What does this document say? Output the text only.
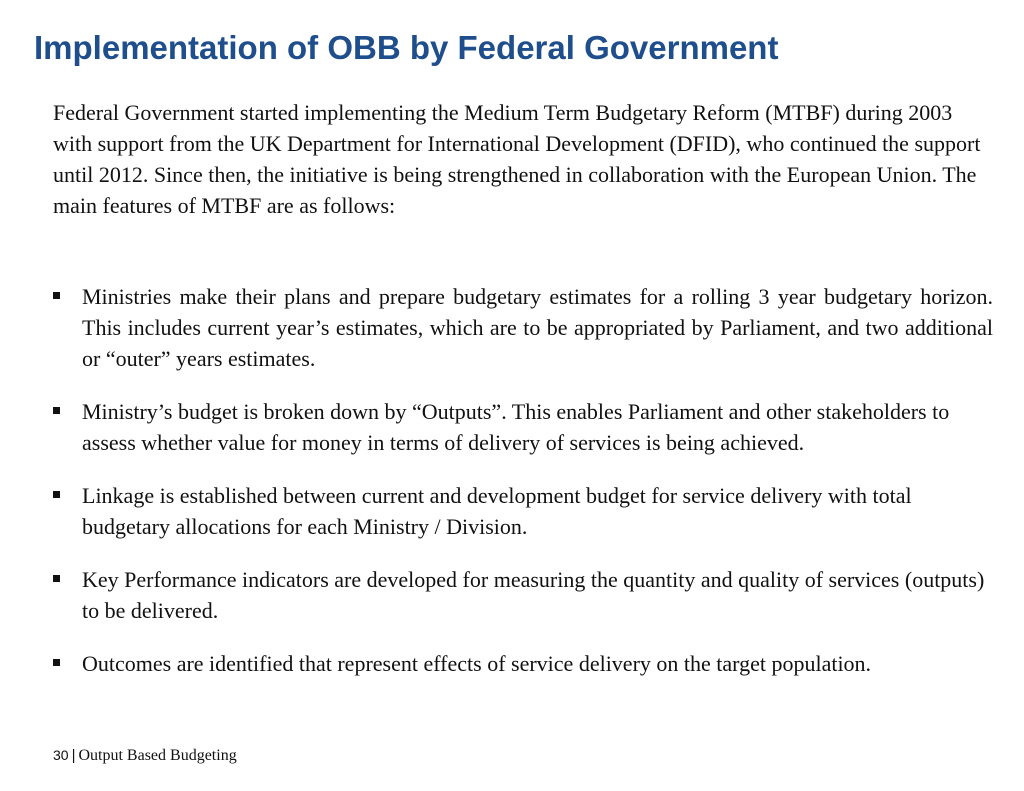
Implementation of OBB by Federal Government

Federal Government started implementing the Medium Term Budgetary Reform (MTBF) during 2003 with support from the UK Department for International Development (DFID), who continued the support until 2012. Since then, the initiative is being strengthened in collaboration with the European Union. The main features of MTBF are as follows:

Ministries make their plans and prepare budgetary estimates for a rolling 3 year budgetary horizon. This includes current year’s estimates, which are to be appropriated by Parliament, and two additional or “outer” years estimates.
Ministry’s budget is broken down by “Outputs”. This enables Parliament and other stakeholders to assess whether value for money in terms of delivery of services is being achieved.
Linkage is established between current and development budget for service delivery with total budgetary allocations for each Ministry / Division.
Key Performance indicators are developed for measuring the quantity and quality of services (outputs) to be delivered.
Outcomes are identified that represent effects of service delivery on the target population.
30 | Output Based Budgeting
